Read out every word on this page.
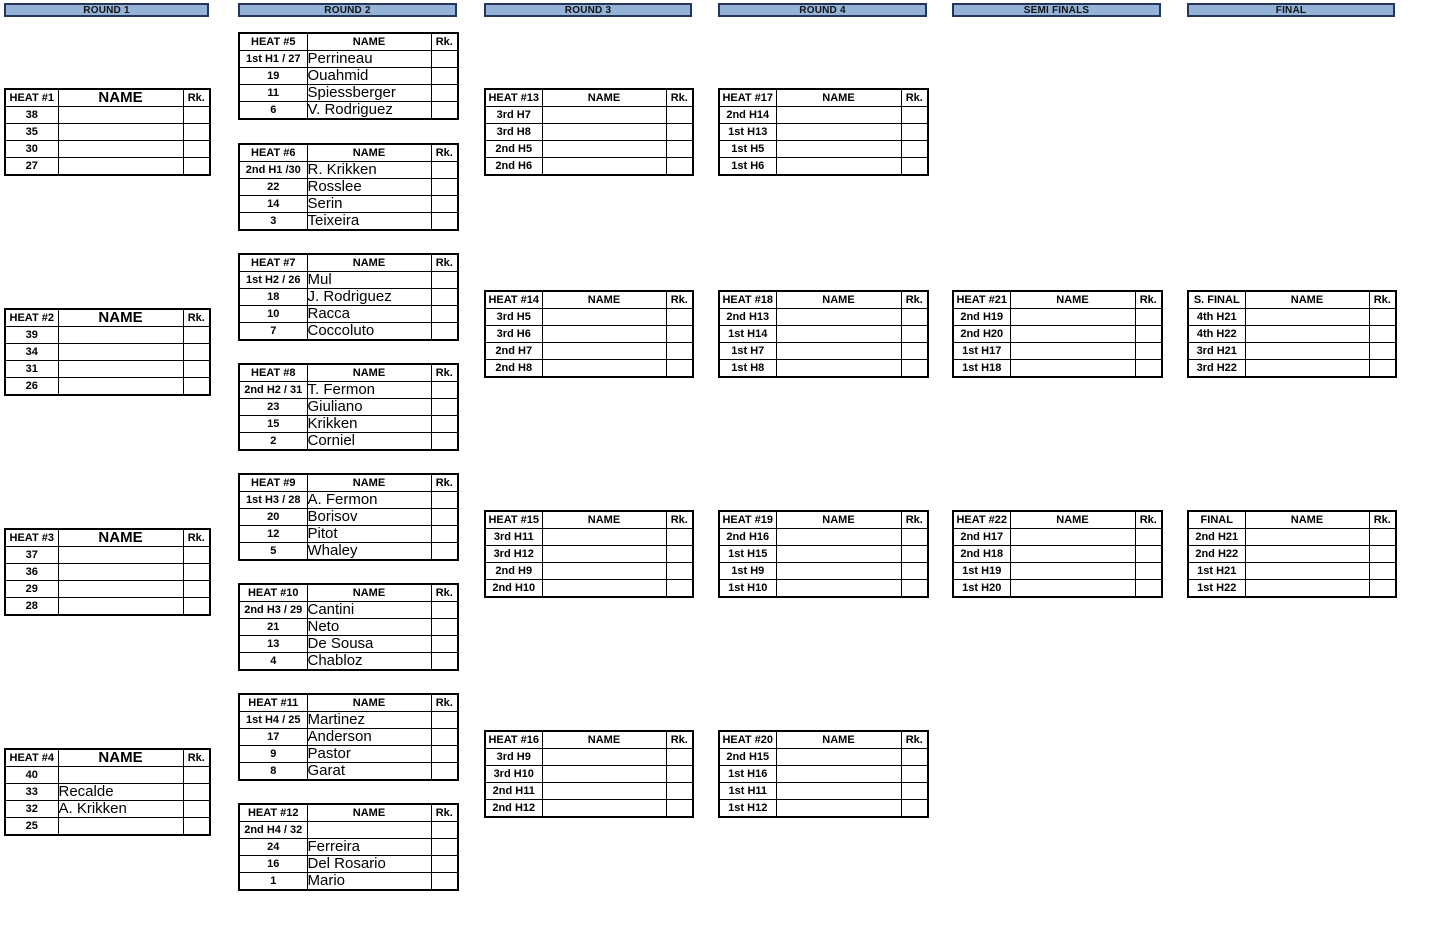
ROUND 1
HEAT #1	NAME	Rk.
38		
35		
30		
27		
HEAT #2	NAME	Rk.
39		
34		
31		
26		
HEAT #3	NAME	Rk.
37		
36		
29		
28		
HEAT #4	NAME	Rk.
40		
33	Recalde	
32	A. Krikken	
25		
ROUND 2
HEAT #5	NAME	Rk.
1st H1 / 27	Perrineau	
19	Ouahmid	
11	Spiessberger	
6	V. Rodriguez	
HEAT #6	NAME	Rk.
2nd H1 /30	R. Krikken	
22	Rosslee	
14	Serin	
3	Teixeira	
HEAT #7	NAME	Rk.
1st H2 / 26	Mul	
18	J. Rodriguez	
10	Racca	
7	Coccoluto	
HEAT #8	NAME	Rk.
2nd H2 / 31	T. Fermon	
23	Giuliano	
15	Krikken	
2	Corniel	
HEAT #9	NAME	Rk.
1st H3 / 28	A. Fermon	
20	Borisov	
12	Pitot	
5	Whaley	
HEAT #10	NAME	Rk.
2nd H3 / 29	Cantini	
21	Neto	
13	De Sousa	
4	Chabloz	
HEAT #11	NAME	Rk.
1st H4 / 25	Martinez	
17	Anderson	
9	Pastor	
8	Garat	
HEAT #12	NAME	Rk.
2nd H4 / 32		
24	Ferreira	
16	Del Rosario	
1	Mario	
ROUND 3
HEAT #13	NAME	Rk.
3rd H7		
3rd H8		
2nd H5		
2nd H6		
HEAT #14	NAME	Rk.
3rd H5		
3rd H6		
2nd H7		
2nd H8		
HEAT #15	NAME	Rk.
3rd H11		
3rd H12		
2nd H9		
2nd H10		
HEAT #16	NAME	Rk.
3rd H9		
3rd H10		
2nd H11		
2nd H12		
ROUND 4
HEAT #17	NAME	Rk.
2nd H14		
1st H13		
1st H5		
1st H6		
HEAT #18	NAME	Rk.
2nd H13		
1st H14		
1st H7		
1st H8		
HEAT #19	NAME	Rk.
2nd H16		
1st H15		
1st H9		
1st H10		
HEAT #20	NAME	Rk.
2nd H15		
1st H16		
1st H11		
1st H12		
SEMI FINALS
HEAT #21	NAME	Rk.
2nd H19		
2nd H20		
1st H17		
1st H18		
HEAT #22	NAME	Rk.
2nd H17		
2nd H18		
1st H19		
1st H20		
FINAL
S. FINAL	NAME	Rk.
4th H21		
4th H22		
3rd H21		
3rd H22		
FINAL	NAME	Rk.
2nd H21		
2nd H22		
1st H21		
1st H22		
